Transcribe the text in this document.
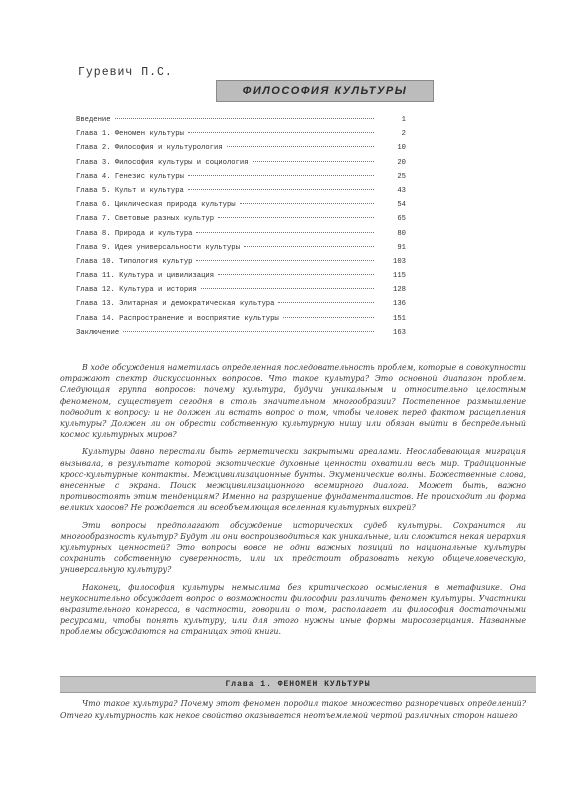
Гуревич П.С.
ФИЛОСОФИЯ КУЛЬТУРЫ
Введение	1
Глава 1. Феномен культуры	2
Глава 2. Философия и культурология	10
Глава 3. Философия культуры и социология	20
Глава 4. Генезис культуры	25
Глава 5. Культ и культура	43
Глава 6. Циклическая природа культуры	54
Глава 7. Световые разных культур	65
Глава 8. Природа и культура	80
Глава 9. Идея универсальности культуры	91
Глава 10. Типология культур	103
Глава 11. Культура и цивилизация	115
Глава 12. Культура и история	128
Глава 13. Элитарная и демократическая культура	136
Глава 14. Распространение и восприятие культуры	151
Заключение	163

В ходе обсуждения наметилась определенная последовательность проблем, которые в совокупности отражают спектр дискуссионных вопросов. Что такое культура? Это основной диапазон проблем. Следующая группа вопросов: почему культура, будучи уникальным и относительно целостным феноменом, существует сегодня в столь значительном многообразии? Постепенное размышление подводит к вопросу: и не должен ли встать вопрос о том, чтобы человек перед фактом расщепления культуры? Должен ли он обрести собственную культурную нишу или обязан выйти в беспредельный космос культурных миров?

Культуры давно перестали быть герметически закрытыми ареалами. Неослабевающая миграция вызывала, в результате которой экзотические духовные ценности охватили весь мир. Традиционные кросс-культурные контакты. Межцивилизационные бунты. Экуменические волны. Божественные слова, внесенные с экрана. Поиск межцивилизационного всемирного диалога. Может быть, важно противостоять этим тенденциям? Именно на разрушение фундаменталистов. Не происходит ли форма великих хаосов? Не рождается ли всеобъемлющая вселенная культурных вихрей?

Эти вопросы предполагают обсуждение исторических судеб культуры. Сохранится ли многообразность культур? Будут ли они воспроизводиться как уникальные, или сложится некая иерархия культурных ценностей? Это вопросы вовсе не одни важных позиций по национальные культуры сохранить собственную суверенность, или их предстоит образовать некую общечеловеческую, универсальную культуру?

Наконец, философия культуры немыслима без критического осмысления в метафизике. Она неукоснительно обсуждает вопрос о возможности философии различить феномен культуры. Участники выразительного конгресса, в частности, говорили о том, располагает ли философия достаточными ресурсами, чтобы понять культуру, или для этого нужны иные формы миросозерцания. Названные проблемы обсуждаются на страницах этой книги.

Глава 1. ФЕНОМЕН КУЛЬТУРЫ

Что такое культура? Почему этот феномен породил такое множество разноречивых определений? Отчего культурность как некое свойство оказывается неотъемлемой чертой различных сторон нашего
